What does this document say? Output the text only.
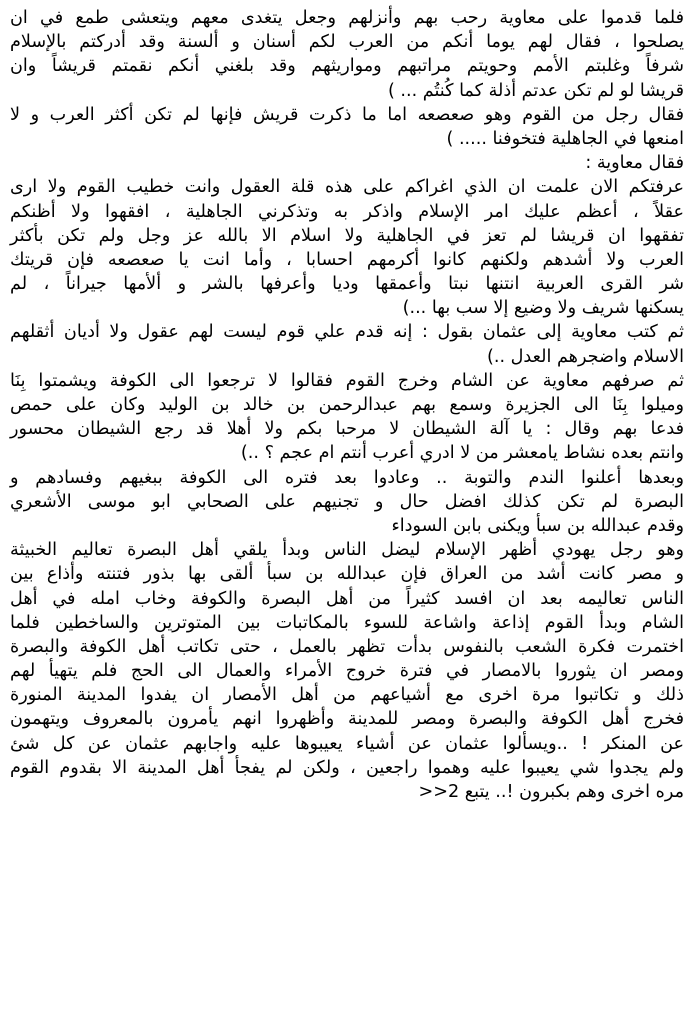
فلما قدموا على معاوية رحب بهم وأنزلهم وجعل يتغدى معهم ويتعشى طمع في ان
يصلحوا ، فقال لهم يوما أنكم من العرب لكم أسنان و ألسنة وقد أدركتم بالإسلام
شرفاً وغلبتم الأمم وحويتم مراتبهم ومواريثهم وقد بلغني أنكم نقمتم قريشاً وان
قريشا لو لم تكن عدتم أذلة كما كُنتُم ... )
فقال رجل من القوم وهو صعصعه اما ما ذكرت قريش فإنها لم تكن أكثر العرب و لا
امنعها في الجاهلية فتخوفنا ..... )
فقال معاوية :
عرفتكم الان علمت ان الذي اغراكم على هذه قلة العقول وانت خطيب القوم ولا ارى
عقلاً ، أعظم عليك امر الإسلام واذكر به وتذكرني الجاهلية ، افقهوا ولا أظنكم
تفقهوا ان قريشا لم تعز في الجاهلية ولا اسلام الا بالله عز وجل ولم تكن بأكثر
العرب ولا أشدهم ولكنهم كانوا أكرمهم احسابا ، وأما انت يا صعصعه فإن قريتك
شر القرى العربية انتنها نبتا وأعمقها وديا وأعرفها بالشر و ألأمها جيراناً ، لم
يسكنها شريف ولا وضيع إلا سب بها ...)
ثم كتب معاوية إلى عثمان بقول : إنه قدم علي قوم ليست لهم عقول ولا أديان أثقلهم
الاسلام واضجرهم العدل ..)
ثم صرفهم معاوية عن الشام وخرج القوم فقالوا لا ترجعوا الى الكوفة ويشمتوا بِنَا
وميلوا بِنَا الى الجزيرة وسمع بهم عبدالرحمن بن خالد بن الوليد وكان على حمص
فدعا بهم وقال : يا آلة الشيطان لا مرحبا بكم ولا أهلا قد رجع الشيطان محسور
وانتم بعده نشاط يامعشر من لا ادري أعرب أنتم ام عجم ؟ ..)
وبعدها أعلنوا الندم والتوبة .. وعادوا بعد فتره الى الكوفة ببغيهم وفسادهم و
البصرة لم تكن كذلك افضل حال و تجنيهم على الصحابي ابو موسى الأشعري
وقدم عبدالله بن سبأ ويكنى بابن السوداء
وهو رجل يهودي أظهر الإسلام ليضل الناس وبدأ يلقي أهل البصرة تعاليم الخبيثة
و مصر كانت أشد من العراق فإن عبدالله بن سبأ ألقى بها بذور فتنته وأذاع بين
الناس تعاليمه بعد ان افسد كثيراً من أهل البصرة والكوفة وخاب امله في أهل
الشام وبدأ القوم إذاعة واشاعة للسوء بالمكاتبات بين المتوترين والساخطين فلما
اختمرت فكرة الشعب بالنفوس بدأت تظهر بالعمل ، حتى تكاتب أهل الكوفة والبصرة
ومصر ان يثوروا بالامصار في فترة خروج الأمراء والعمال الى الحج فلم يتهيأ لهم
ذلك و تكاتبوا مرة اخرى مع أشياعهم من أهل الأمصار ان يفدوا المدينة المنورة
فخرج أهل الكوفة والبصرة ومصر للمدينة وأظهروا انهم يأمرون بالمعروف ويتهمون
عن المنكر ! ..ويسألوا عثمان عن أشياء يعيبوها عليه واجابهم عثمان عن كل شئ
ولم يجدوا شي يعيبوا عليه وهموا راجعين ، ولكن لم يفجأ أهل المدينة الا بقدوم القوم
مره اخرى وهم بكبرون !.. يتبع 2<<
